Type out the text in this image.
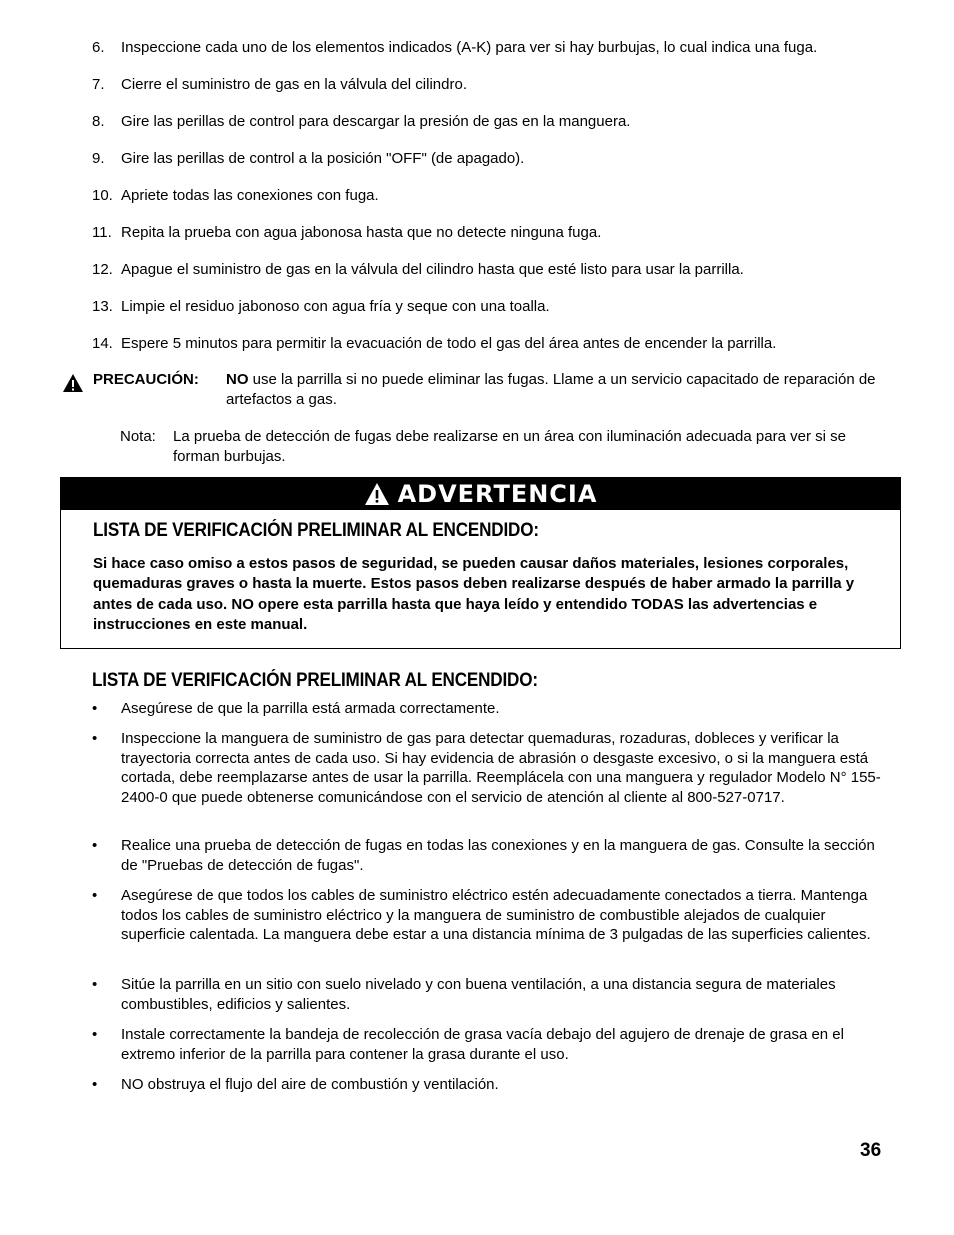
6.	Inspeccione cada uno de los elementos indicados (A-K) para ver si hay burbujas, lo cual indica una fuga.
7.	Cierre el suministro de gas en la válvula del cilindro.
8.	Gire las perillas de control para descargar la presión de gas en la manguera.
9.	Gire las perillas de control a la posición "OFF" (de apagado).
10. Apriete todas las conexiones con fuga.
11. Repita la prueba con agua jabonosa hasta que no detecte ninguna fuga.
12. Apague el suministro de gas en la válvula del cilindro hasta que esté listo para usar la parrilla.
13. Limpie el residuo jabonoso con agua fría y seque con una toalla.
14. Espere 5 minutos para permitir la evacuación de todo el gas del área antes de encender la parrilla.
PRECAUCIÓN: NO use la parrilla si no puede eliminar las fugas. Llame a un servicio capacitado de reparación de artefactos a gas.
Nota: La prueba de detección de fugas debe realizarse en un área con iluminación adecuada para ver si se forman burbujas.
ADVERTENCIA
LISTA DE VERIFICACIÓN PRELIMINAR AL ENCENDIDO:
Si hace caso omiso a estos pasos de seguridad, se pueden causar daños materiales, lesiones corporales, quemaduras graves o hasta la muerte. Estos pasos deben realizarse después de haber armado la parrilla y antes de cada uso. NO opere esta parrilla hasta que haya leído y entendido TODAS las advertencias e instrucciones en este manual.
LISTA DE VERIFICACIÓN PRELIMINAR AL ENCENDIDO:
• Asegúrese de que la parrilla está armada correctamente.
• Inspeccione la manguera de suministro de gas para detectar quemaduras, rozaduras, dobleces y verificar la trayectoria correcta antes de cada uso. Si hay evidencia de abrasión o desgaste excesivo, o si la manguera está cortada, debe reemplazarse antes de usar la parrilla. Reemplácela con una manguera y regulador Modelo N° 155-2400-0 que puede obtenerse comunicándose con el servicio de atención al cliente al 800-527-0717.
• Realice una prueba de detección de fugas en todas las conexiones y en la manguera de gas. Consulte la sección de "Pruebas de detección de fugas".
• Asegúrese de que todos los cables de suministro eléctrico estén adecuadamente conectados a tierra. Mantenga todos los cables de suministro eléctrico y la manguera de suministro de combustible alejados de cualquier superficie calentada. La manguera debe estar a una distancia mínima de 3 pulgadas de las superficies calientes.
• Sitúe la parrilla en un sitio con suelo nivelado y con buena ventilación, a una distancia segura de materiales combustibles, edificios y salientes.
• Instale correctamente la bandeja de recolección de grasa vacía debajo del agujero de drenaje de grasa en el extremo inferior de la parrilla para contener la grasa durante el uso.
• NO obstruya el flujo del aire de combustión y ventilación.
36
